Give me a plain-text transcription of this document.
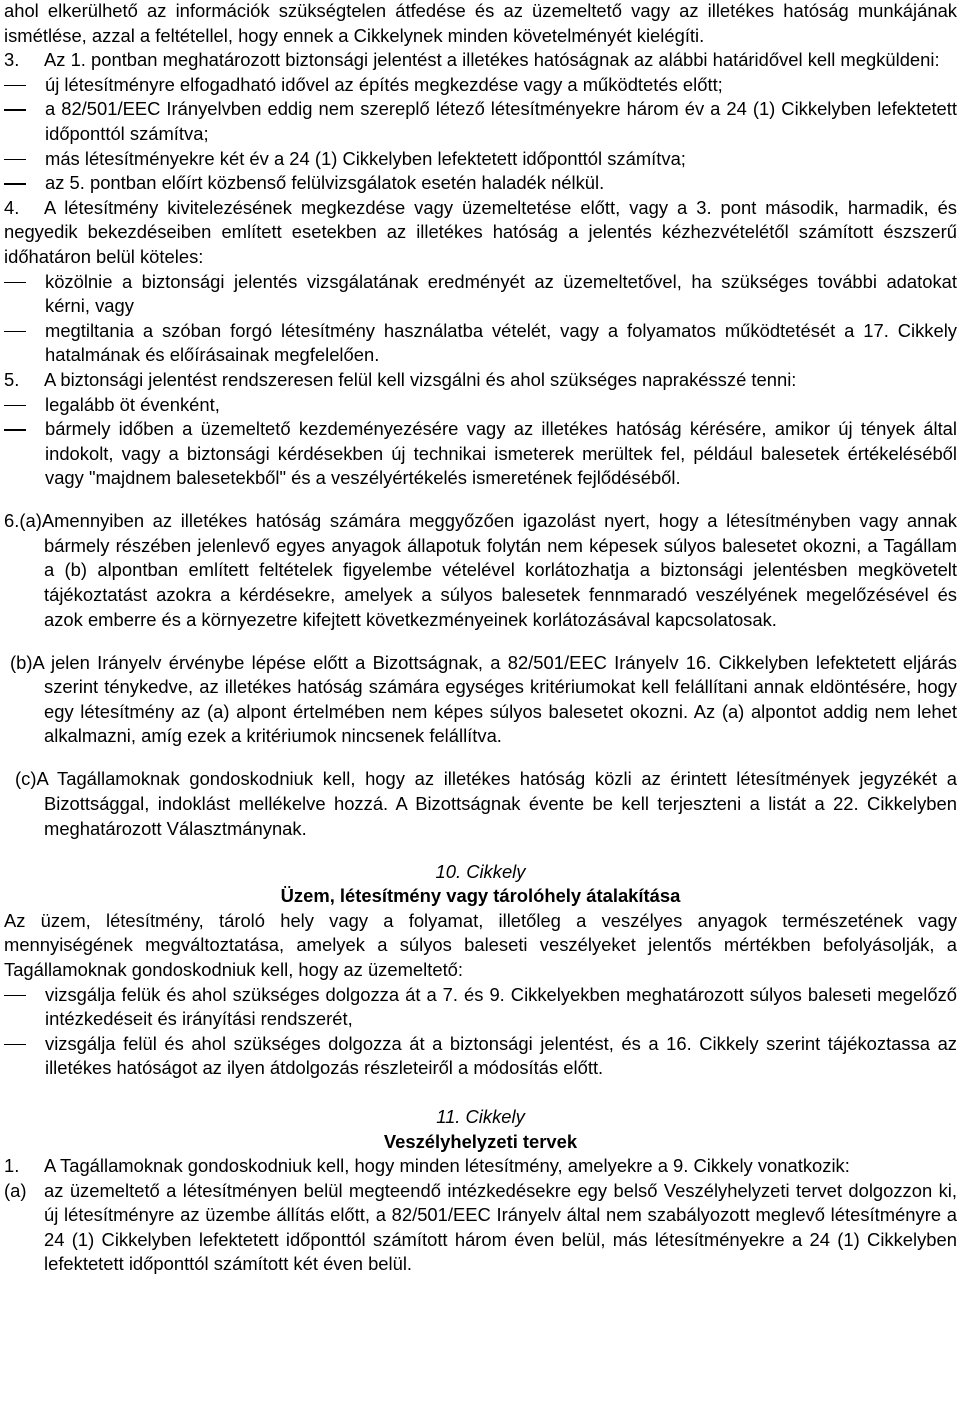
ahol elkerülhető az információk szükségtelen átfedése és az üzemeltető vagy az illetékes hatóság munkájának ismétlése, azzal a feltétellel, hogy ennek a Cikkelynek minden követelményét kielégíti.

3. Az 1. pontban meghatározott biztonsági jelentést a illetékes hatóságnak az alábbi határidővel kell megküldeni:

új létesítményre elfogadható idővel az építés megkezdése vagy a működtetés előtt;
a 82/501/EEC Irányelvben eddig nem szereplő létező létesítményekre három év a 24 (1) Cikkelyben lefektetett időponttól számítva;
más létesítményekre két év a 24 (1) Cikkelyben lefektetett időponttól számítva;
az 5. pontban előírt közbenső felülvizsgálatok esetén haladék nélkül.

4. A létesítmény kivitelezésének megkezdése vagy üzemeltetése előtt, vagy a 3. pont második, harmadik, és negyedik bekezdéseiben említett esetekben az illetékes hatóság a jelentés kézhezvételétől számított észszerű időhatáron belül köteles:

közölnie a biztonsági jelentés vizsgálatának eredményét az üzemeltetővel, ha szükséges további adatokat kérni, vagy
megtiltania a szóban forgó létesítmény használatba vételét, vagy a folyamatos működtetését a 17. Cikkely hatalmának és előírásainak megfelelően.

5. A biztonsági jelentést rendszeresen felül kell vizsgálni és ahol szükséges naprakésszé tenni:

legalább öt évenként,
bármely időben a üzemeltető kezdeményezésére vagy az illetékes hatóság kérésére, amikor új tények által indokolt, vagy a biztonsági kérdésekben új technikai ismeterek merültek fel, például balesetek értékeléséből vagy "majdnem balesetekből" és a veszélyértékelés ismeretének fejlődéséből.

6.(a)Amennyiben az illetékes hatóság számára meggyőzően igazolást nyert, hogy a létesítményben vagy annak bármely részében jelenlevő egyes anyagok állapotuk folytán nem képesek súlyos balesetet okozni, a Tagállam a (b) alpontban említett feltételek figyelembe vételével korlátozhatja a biztonsági jelentésben megkövetelt tájékoztatást azokra a kérdésekre, amelyek a súlyos balesetek fennmaradó veszélyének megelőzésével és azok emberre és a környezetre kifejtett következményeinek korlátozásával kapcsolatosak.

(b)A jelen Irányelv érvénybe lépése előtt a Bizottságnak, a 82/501/EEC Irányelv 16. Cikkelyben lefektetett eljárás szerint ténykedve, az illetékes hatóság számára egységes kritériumokat kell felállítani annak eldöntésére, hogy egy létesítmény az (a) alpont értelmében nem képes súlyos balesetet okozni. Az (a) alpontot addig nem lehet alkalmazni, amíg ezek a kritériumok nincsenek felállítva.

(c)A Tagállamoknak gondoskodniuk kell, hogy az illetékes hatóság közli az érintett létesítmények jegyzékét a Bizottsággal, indoklást mellékelve hozzá. A Bizottságnak évente be kell terjeszteni a listát a 22. Cikkelyben meghatározott Választmánynak.

10. Cikkely

Üzem, létesítmény vagy tárolóhely átalakítása

Az üzem, létesítmény, tároló hely vagy a folyamat, illetőleg a veszélyes anyagok természetének vagy mennyiségének megváltoztatása, amelyek a súlyos baleseti veszélyeket jelentős mértékben befolyásolják, a Tagállamoknak gondoskodniuk kell, hogy az üzemeltető:

vizsgálja felük és ahol szükséges dolgozza át a 7. és 9. Cikkelyekben meghatározott súlyos baleseti megelőző intézkedéseit és irányítási rendszerét,
vizsgálja felül és ahol szükséges dolgozza át a biztonsági jelentést, és a 16. Cikkely szerint tájékoztassa az illetékes hatóságot az ilyen átdolgozás részleteiről a módosítás előtt.

11. Cikkely

Veszélyhelyzeti tervek

1. A Tagállamoknak gondoskodniuk kell, hogy minden létesítmény, amelyekre a 9. Cikkely vonatkozik:

(a) az üzemeltető a létesítményen belül megteendő intézkedésekre egy belső Veszélyhelyzeti tervet dolgozzon ki, új létesítményre az üzembe állítás előtt, a 82/501/EEC Irányelv által nem szabályozott meglevő létesítményre a 24 (1) Cikkelyben lefektetett időponttól számított három éven belül, más létesítményekre a 24 (1) Cikkelyben lefektetett időponttól számított két éven belül.
